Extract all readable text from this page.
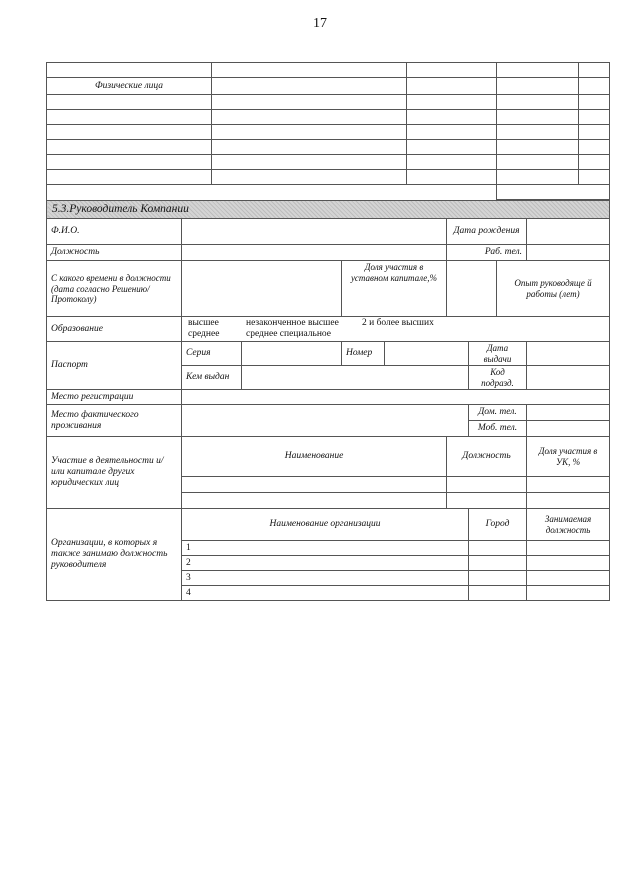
17

Физические лица				

5.3.Руководитель Компании								
Ф.И.О.					Дата рождения			
Должность					Раб. тел.			
С какого времени в должности (дата согласно Решению/Протоколу)			Доля участия в уставном капитале,%				Опыт руководяще й работы (лет)	
Образование	высшее
среднее
незаконченное высшее
среднее специальное
2 и более высших							

Паспорт	Серия		Номер			Дата выдачи		
	Кем выдан					Код подразд.		
Место регистрации								
Место фактического проживания						Дом. тел.		
						Моб. тел.		
Участие в деятельности и/или капитале других юридических лиц	Наименование				Должность			Доля участия в УК, %

Организации, в которых я также занимаю должность руководителя	Наименование организации					Город		Занимаемая должность
	1							
	2							
	3							
	4							
